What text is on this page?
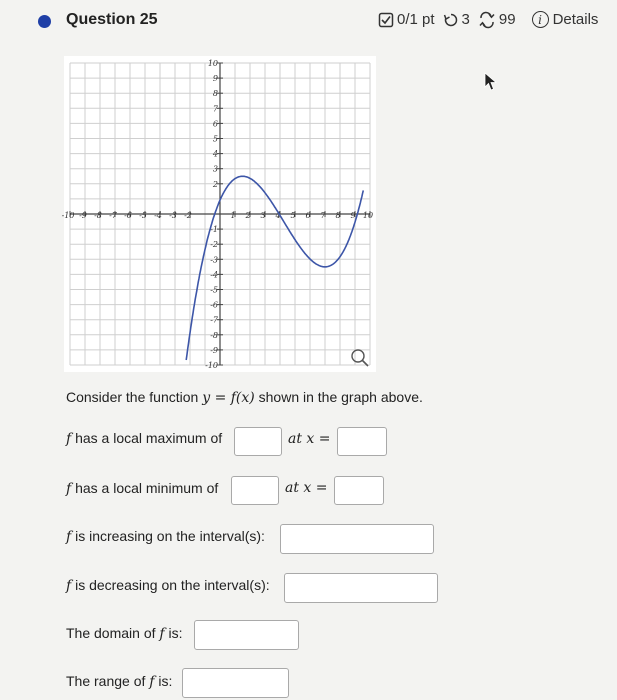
Question 25	0/1 pt 3 99	i Details
-10 -9 -8 -7 -6 -5 -4 -3 -2	1 2 3 4 5 6 7 8 9 10
10
9
8
7
6
5
4
3
2
-1
-2
-3
-4
-5
-6
-7
-8
-9
-10
Consider the function y = f(x) shown in the graph above.
f has a local maximum of	at x =
f has a local minimum of	at x =
f is increasing on the interval(s):
f is decreasing on the interval(s):
The domain of f is:
The range of f is:
